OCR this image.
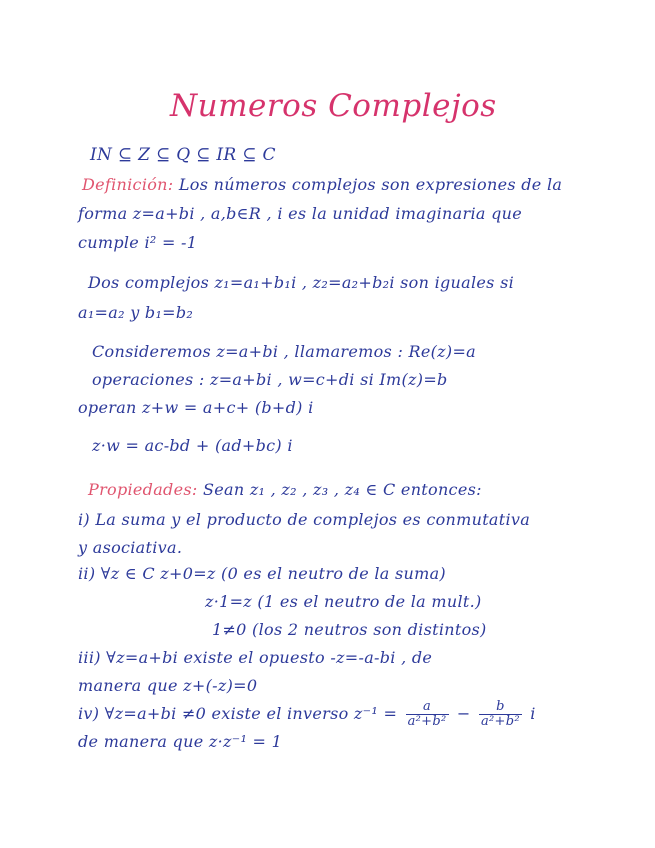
Numeros Complejos
IN ⊆ Z ⊆ Q ⊆ IR ⊆ C
Definición: Los números complejos son expresiones de la
forma z=a+bi , a,b∈R , i es la unidad imaginaria que
cumple i² = -1
Dos complejos z₁=a₁+b₁i , z₂=a₂+b₂i son iguales si
a₁=a₂ y b₁=b₂
Consideremos z=a+bi , llamaremos : Re(z)=a
operaciones : z=a+bi , w=c+di si Im(z)=b
operan z+w = a+c+ (b+d) i
z·w = ac-bd + (ad+bc) i
Propiedades: Sean z₁ , z₂ , z₃ , z₄ ∈ C entonces:
i) La suma y el producto de complejos es conmutativa
y asociativa.
ii) ∀z ∈ C z+0=z (0 es el neutro de la suma)
z·1=z (1 es el neutro de la mult.)
1≠0 (los 2 neutros son distintos)
iii) ∀z=a+bi existe el opuesto -z=-a-bi , de
manera que z+(-z)=0
iv) ∀z=a+bi ≠0 existe el inverso $z^{-1} = \frac{a}{\text{a²+b²}} - \frac{b}{\text{a²+b²}}$ i
de manera que z·z⁻¹ = 1
